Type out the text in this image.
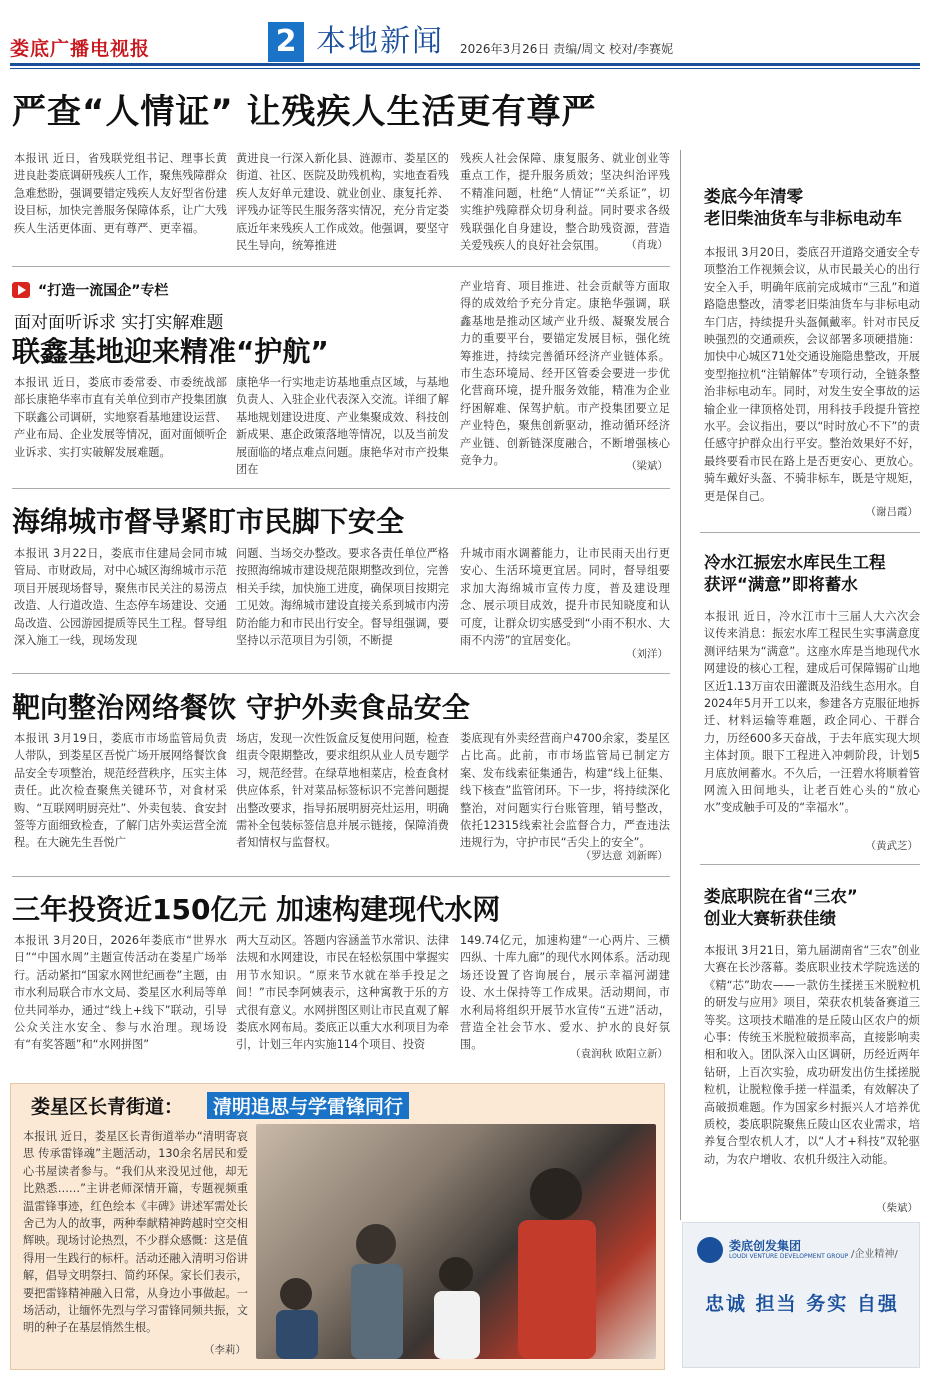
娄底广播电视报	2 本地新闻 2026年3月26日 责编/周文 校对/李赛妮
严查“人情证” 让残疾人生活更有尊严
本报讯 近日，省残联党组书记、理事长黄进良赴娄底调研残疾人工作，聚焦残障群众急难愁盼，强调要错定残疾人友好型省份建设目标，加快完善服务保障体系，让广大残疾人生活更体面、更有尊严、更幸福。
黄进良一行深入新化县、涟源市、娄星区的街道、社区、医院及助残机构，实地查看残疾人友好单元建设、就业创业、康复托养、评残办证等民生服务落实情况，充分肯定娄底近年来残疾人工作成效。他强调，要坚守民生导向，统筹推进
残疾人社会保障、康复服务、就业创业等重点工作，提升服务质效；坚决纠治评残不精准问题，杜绝“人情证”“关系证”，切实维护残障群众切身利益。同时要求各级残联强化自身建设，整合助残资源，营造关爱残疾人的良好社会氛围。	（肖珑）
“打造一流国企”专栏
面对面听诉求 实打实解难题
联鑫基地迎来精准“护航”
本报讯 近日，娄底市委常委、市委统战部部长康艳华率市直有关单位到市产投集团旗下联鑫公司调研，实地察看基地建设运营、产业布局、企业发展等情况，面对面倾听企业诉求、实打实破解发展难题。
康艳华一行实地走访基地重点区域，与基地负责人、入驻企业代表深入交流。详细了解基地规划建设进度、产业集聚成效、科技创新成果、惠企政策落地等情况，以及当前发展面临的堵点难点问题。康艳华对市产投集团在
产业培育、项目推进、社会贡献等方面取得的成效给予充分肯定。康艳华强调，联鑫基地是推动区域产业升级、凝聚发展合力的重要平台，要锚定发展目标，强化统筹推进，持续完善循环经济产业链体系。市生态环境局、经开区管委会要进一步优化营商环境，提升服务效能，精准为企业纾困解难、保驾护航。市产投集团要立足产业特色，聚焦创新驱动，推动循环经济产业链、创新链深度融合，不断增强核心竞争力。	（梁斌）
海绵城市督导紧盯市民脚下安全
本报讯 3月22日，娄底市住建局会同市城管局、市财政局，对中心城区海绵城市示范项目开展现场督导，聚焦市民关注的易涝点改造、人行道改造、生态停车场建设、交通岛改造、公园游园提质等民生工程。督导组深入施工一线，现场发现
问题、当场交办整改。要求各责任单位严格按照海绵城市建设规范限期整改到位，完善相关手续，加快施工进度，确保项目按期完工见效。海绵城市建设直接关系到城市内涝防治能力和市民出行安全。督导组强调，要坚持以示范项目为引领，不断提
升城市雨水调蓄能力，让市民雨天出行更安心、生活环境更宜居。同时，督导组要求加大海绵城市宣传力度，普及建设理念、展示项目成效，提升市民知晓度和认可度，让群众切实感受到“小雨不积水、大雨不内涝”的宜居变化。
（刘洋）
靶向整治网络餐饮 守护外卖食品安全
本报讯 3月19日，娄底市市场监管局负责人带队，到娄星区吾悦广场开展网络餐饮食品安全专项整治，规范经营秩序，压实主体责任。此次检查聚焦关键环节，对食材采购、“互联网明厨亮灶”、外卖包装、食安封签等方面细致检查，了解门店外卖运营全流程。在大碗先生吾悦广
场店，发现一次性饭盒反复使用问题，检查组责令限期整改，要求组织从业人员专题学习，规范经营。在绿草地相菜店，检查食材供应体系，针对菜品标签标识不完善问题提出整改要求，指导拓展明厨亮灶运用，明确需补全包装标签信息并展示链接，保障消费者知情权与监督权。
娄底现有外卖经营商户4700余家，娄星区占比高。此前，市市场监管局已制定方案、发布线索征集通告，构建“线上征集、线下核查”监管闭环。下一步，将持续深化整治，对问题实行台账管理，销号整改，依托12315线索社会监督合力，严查违法违规行为，守护市民“舌尖上的安全”。
（罗达意 刘新晖）
三年投资近150亿元 加速构建现代水网
本报讯 3月20日，2026年娄底市“世界水日”“中国水周”主题宣传活动在娄星广场举行。活动紧扣“国家水网世纪画卷”主题，由市水利局联合市水文局、娄星区水利局等单位共同举办，通过“线上+线下”联动，引导公众关注水安全、参与水治理。现场设有“有奖答题”和“水网拼图”
两大互动区。答题内容涵盖节水常识、法律法规和水网建设，市民在轻松氛围中掌握实用节水知识。“原来节水就在举手投足之间！”市民李阿姨表示，这种寓教于乐的方式很有意义。水网拼图区则让市民直观了解娄底水网布局。娄底正以重大水利项目为牵引，计划三年内实施114个项目、投资
149.74亿元，加速构建“一心两片、三横四纵、十库九廊”的现代水网体系。活动现场还设置了咨询展台，展示幸福河湖建设、水土保持等工作成果。活动期间，市水利局将组织开展节水宣传“五进”活动，营造全社会节水、爱水、护水的良好氛围。
（袁润秋 欧阳立新）
娄星区长青街道：	清明追思与学雷锋同行
本报讯 近日，娄星区长青街道举办“清明寄哀思 传承雷锋魂”主题活动，130余名居民和爱心书屋读者参与。“我们从来没见过他，却无比熟悉……”主讲老师深情开篇，专题视频重温雷锋事迹，红色绘本《丰碑》讲述军需处长舍己为人的故事，两种奉献精神跨越时空交相辉映。现场讨论热烈，不少群众感慨：这是值得用一生践行的标杆。活动还融入清明习俗讲解，倡导文明祭扫、简约环保。家长们表示，要把雷锋精神融入日常，从身边小事做起。一场活动，让缅怀先烈与学习雷锋同频共振，文明的种子在基层悄然生根。
（李莉）
娄底今年清零
老旧柴油货车与非标电动车
本报讯 3月20日，娄底召开道路交通安全专项整治工作视频会议，从市民最关心的出行安全入手，明确年底前完成城市“三乱”和道路隐患整改，清零老旧柴油货车与非标电动车门店，持续提升头盔佩戴率。针对市民反映强烈的交通顽疾，会议部署多项硬措施：加快中心城区71处交通设施隐患整改，开展变型拖拉机“注销解体”专项行动，全链条整治非标电动车。同时，对发生安全事故的运输企业一律顶格处罚，用科技手段提升管控水平。会议指出，要以“时时放心不下”的责任感守护群众出行平安。整治效果好不好，最终要看市民在路上是否更安心、更放心。骑车戴好头盔、不骑非标车，既是守规矩，更是保自己。
（谢吕霞）
冷水江振宏水库民生工程
获评“满意”即将蓄水
本报讯 近日，冷水江市十三届人大六次会议传来消息：振宏水库工程民生实事满意度测评结果为“满意”。这座水库是当地现代水网建设的核心工程，建成后可保障锡矿山地区近1.13万亩农田灌溉及沿线生态用水。自2024年5月开工以来，参建各方克服征地拆迁、材料运输等难题，政企同心、干群合力，历经600多天奋战，于去年底实现大坝主体封顶。眼下工程进入冲刺阶段，计划5月底放闸蓄水。不久后，一汪碧水将顺着管网流入田间地头，让老百姓心头的“放心水”变成触手可及的“幸福水”。
（黄武芝）
娄底职院在省“三农”
创业大赛斩获佳绩
本报讯 3月21日，第九届湖南省“三农”创业大赛在长沙落幕。娄底职业技术学院选送的《精“芯”助农——一款仿生揉搓玉米脱粒机的研发与应用》项目，荣获农机装备赛道三等奖。这项技术瞄准的是丘陵山区农户的烦心事：传统玉米脱粒破损率高，直接影响卖相和收入。团队深入山区调研，历经近两年钻研，上百次实验，成功研发出仿生揉搓脱粒机，让脱粒像手搓一样温柔，有效解决了高破损难题。作为国家乡村振兴人才培养优质校，娄底职院聚焦丘陵山区农业需求，培养复合型农机人才，以“人才+科技”双轮驱动，为农户增收、农机升级注入动能。
（柴斌）
娄底创发集团
LOUDI VENTURE DEVELOPMENT GROUP /企业精神/
忠诚 担当 务实 自强
